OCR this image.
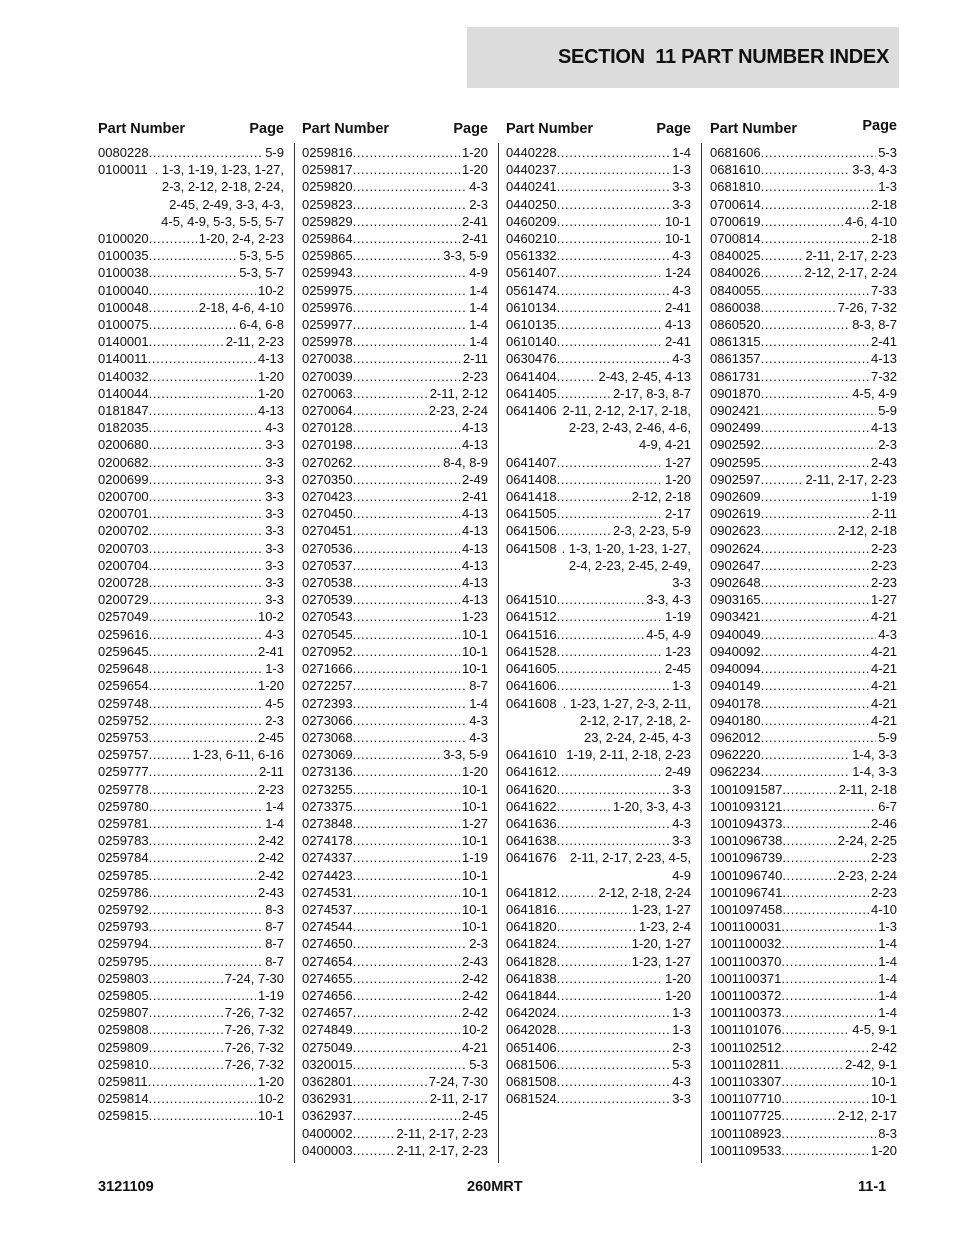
SECTION  11 PART NUMBER INDEX
Part Number	Page
0080228	..... 5-9
0100011 . 1-3, 1-19, 1-23, 1-27, 2-3, 2-12, 2-18, 2-24, 2-45, 2-49, 3-3, 4-3, 4-5, 4-9, 5-3, 5-5, 5-7
0100020	..... 1-20, 2-4, 2-23
0100035	..... 5-3, 5-5
0100038	..... 5-3, 5-7
0100040	..... 10-2
0100048	..... 2-18, 4-6, 4-10
0100075	..... 6-4, 6-8
0140001	..... 2-11, 2-23
0140011	..... 4-13
0140032	..... 1-20
0140044	..... 1-20
0181847	..... 4-13
0182035	..... 4-3
0200680	..... 3-3
0200682	..... 3-3
0200699	..... 3-3
0200700	..... 3-3
0200701	..... 3-3
0200702	..... 3-3
0200703	..... 3-3
0200704	..... 3-3
0200728	..... 3-3
0200729	..... 3-3
0257049	..... 10-2
0259616	..... 4-3
0259645	..... 2-41
0259648	..... 1-3
0259654	..... 1-20
0259748	..... 4-5
0259752	..... 2-3
0259753	..... 2-45
0259757	..... 1-23, 6-11, 6-16
0259777	..... 2-11
0259778	..... 2-23
0259780	..... 1-4
0259781	..... 1-4
0259783	..... 2-42
0259784	..... 2-42
0259785	..... 2-42
0259786	..... 2-43
0259792	..... 8-3
0259793	..... 8-7
0259794	..... 8-7
0259795	..... 8-7
0259803	..... 7-24, 7-30
0259805	..... 1-19
0259807	..... 7-26, 7-32
0259808	..... 7-26, 7-32
0259809	..... 7-26, 7-32
0259810	..... 7-26, 7-32
0259811	..... 1-20
0259814	..... 10-2
0259815	..... 10-1
Part Number	Page
0259816	..... 1-20
0259817	..... 1-20
0259820	..... 4-3
0259823	..... 2-3
0259829	..... 2-41
0259864	..... 2-41
0259865	..... 3-3, 5-9
0259943	..... 4-9
0259975	..... 1-4
0259976	..... 1-4
0259977	..... 1-4
0259978	..... 1-4
0270038	..... 2-11
0270039	..... 2-23
0270063	..... 2-11, 2-12
0270064	..... 2-23, 2-24
0270128	..... 4-13
0270198	..... 4-13
0270262	..... 8-4, 8-9
0270350	..... 2-49
0270423	..... 2-41
0270450	..... 4-13
0270451	..... 4-13
0270536	..... 4-13
0270537	..... 4-13
0270538	..... 4-13
0270539	..... 4-13
0270543	..... 1-23
0270545	..... 10-1
0270952	..... 10-1
0271666	..... 10-1
0272257	..... 8-7
0272393	..... 1-4
0273066	..... 4-3
0273068	..... 4-3
0273069	..... 3-3, 5-9
0273136	..... 1-20
0273255	..... 10-1
0273375	..... 10-1
0273848	..... 1-27
0274178	..... 10-1
0274337	..... 1-19
0274423	..... 10-1
0274531	..... 10-1
0274537	..... 10-1
0274544	..... 10-1
0274650	..... 2-3
0274654	..... 2-43
0274655	..... 2-42
0274656	..... 2-42
0274657	..... 2-42
0274849	..... 10-2
0275049	..... 4-21
0320015	..... 5-3
0362801	..... 7-24, 7-30
0362931	..... 2-11, 2-17
0362937	..... 2-45
0400002	..... 2-11, 2-17, 2-23
0400003	..... 2-11, 2-17, 2-23
Part Number	Page
0440228	..... 1-4
0440237	..... 1-3
0440241	..... 3-3
0440250	..... 3-3
0460209	..... 10-1
0460210	..... 10-1
0561332	..... 4-3
0561407	..... 1-24
0561474	..... 4-3
0610134	..... 2-41
0610135	..... 4-13
0610140	..... 2-41
0630476	..... 4-3
0641404	..... 2-43, 2-45, 4-13
0641405	..... 2-17, 8-3, 8-7
0641406 2-11, 2-12, 2-17, 2-18, 2-23, 2-43, 2-46, 4-6, 4-9, 4-21
0641407	..... 1-27
0641408	..... 1-20
0641418	..... 2-12, 2-18
0641505	..... 2-17
0641506	..... 2-3, 2-23, 5-9
0641508 . 1-3, 1-20, 1-23, 1-27, 2-4, 2-23, 2-45, 2-49, 3-3
0641510	..... 3-3, 4-3
0641512	..... 1-19
0641516	..... 4-5, 4-9
0641528	..... 1-23
0641605	..... 2-45
0641606	..... 1-3
0641608 . 1-23, 1-27, 2-3, 2-11, 2-12, 2-17, 2-18, 2-23, 2-24, 2-45, 4-3
0641610 1-19, 2-11, 2-18, 2-23
0641612	..... 2-49
0641620	..... 3-3
0641622	..... 1-20, 3-3, 4-3
0641636	..... 4-3
0641638	..... 3-3
0641676	2-11, 2-17, 2-23, 4-5, 4-9
0641812	..... 2-12, 2-18, 2-24
0641816	..... 1-23, 1-27
0641820	..... 1-23, 2-4
0641824	..... 1-20, 1-27
0641828	..... 1-23, 1-27
0641838	..... 1-20
0641844	..... 1-20
0642024	..... 1-3
0642028	..... 1-3
0651406	..... 2-3
0681506	..... 5-3
0681508	..... 4-3
0681524	..... 3-3
Part Number	Page
0681606	..... 5-3
0681610	..... 3-3, 4-3
0681810	..... 1-3
0700614	..... 2-18
0700619	..... 4-6, 4-10
0700814	..... 2-18
0840025	..... 2-11, 2-17, 2-23
0840026	..... 2-12, 2-17, 2-24
0840055	..... 7-33
0860038	..... 7-26, 7-32
0860520	..... 8-3, 8-7
0861315	..... 2-41
0861357	..... 4-13
0861731	..... 7-32
0901870	..... 4-5, 4-9
0902421	..... 5-9
0902499	..... 4-13
0902592	..... 2-3
0902595	..... 2-43
0902597	..... 2-11, 2-17, 2-23
0902609	..... 1-19
0902619	..... 2-11
0902623	..... 2-12, 2-18
0902624	..... 2-23
0902647	..... 2-23
0902648	..... 2-23
0903165	..... 1-27
0903421	..... 4-21
0940049	..... 4-3
0940092	..... 4-21
0940094	..... 4-21
0940149	..... 4-21
0940178	..... 4-21
0940180	..... 4-21
0962012	..... 5-9
0962220	..... 1-4, 3-3
0962234	..... 1-4, 3-3
1001091587	..... 2-11, 2-18
1001093121	..... 6-7
1001094373	..... 2-46
1001096738	..... 2-24, 2-25
1001096739	..... 2-23
1001096740	..... 2-23, 2-24
1001096741	..... 2-23
1001097458	..... 4-10
1001100031	..... 1-3
1001100032	..... 1-4
1001100370	..... 1-4
1001100371	..... 1-4
1001100372	..... 1-4
1001100373	..... 1-4
1001101076	..... 4-5, 9-1
1001102512	..... 2-42
1001102811	..... 2-42, 9-1
1001103307	..... 10-1
1001107710	..... 10-1
1001107725	..... 2-12, 2-17
1001108923	..... 8-3
1001109533	..... 1-20
3121109	260MRT	11-1
